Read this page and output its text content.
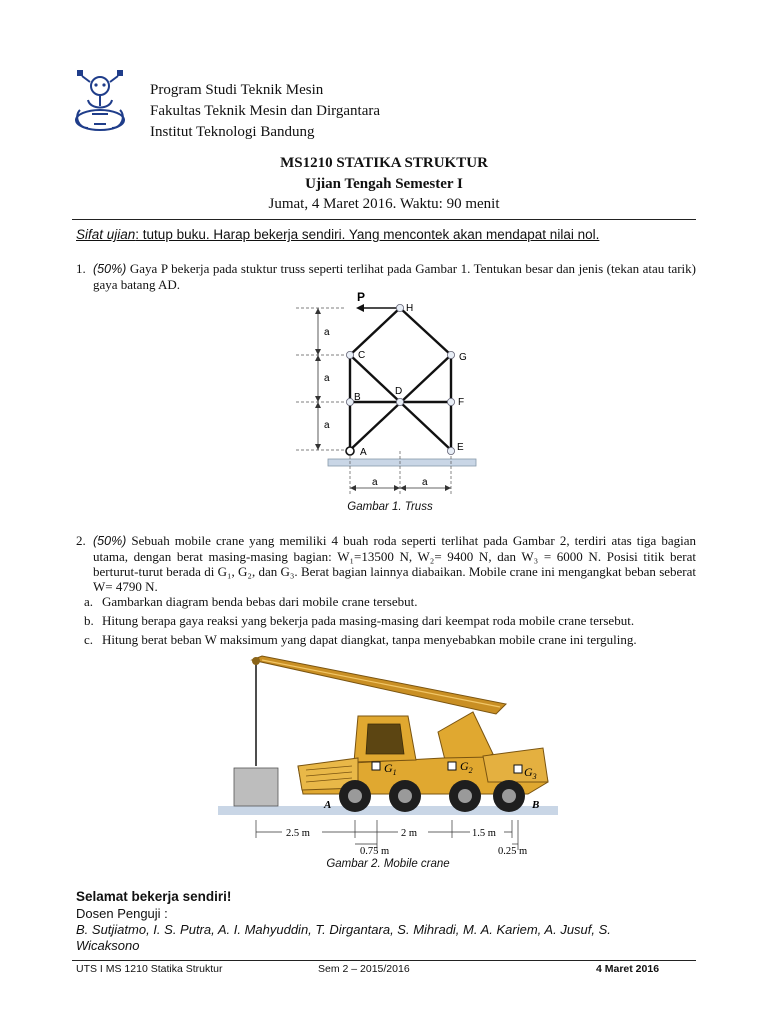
Program Studi Teknik Mesin
Fakultas Teknik Mesin dan Dirgantara
Institut Teknologi Bandung
MS1210 STATIKA STRUKTUR
Ujian Tengah Semester I
Jumat, 4 Maret 2016. Waktu: 90 menit
Sifat ujian: tutup buku. Harap bekerja sendiri. Yang mencontek akan mendapat nilai nol.
1. (50%) Gaya P bekerja pada stuktur truss seperti terlihat pada Gambar 1. Tentukan besar dan jenis (tekan atau tarik) gaya batang AD.
a
a
a
a	a
P
H
C	G
D
B	F
A	E
Gambar 1. Truss
2. (50%) Sebuah mobile crane yang memiliki 4 buah roda seperti terlihat pada Gambar 2, terdiri atas tiga bagian utama, dengan berat masing-masing bagian: W₁=13500 N, W₂= 9400 N, dan W₃ = 6000 N. Posisi titik berat berturut-turut berada di G₁, G₂, dan G₃. Berat bagian lainnya diabaikan. Mobile crane ini mengangkat beban seberat W= 4790 N.
a. Gambarkan diagram benda bebas dari mobile crane tersebut.
b. Hitung berapa gaya reaksi yang bekerja pada masing-masing dari keempat roda mobile crane tersebut.
c. Hitung berat beban W maksimum yang dapat diangkat, tanpa menyebabkan mobile crane ini terguling.
$G_1$	$G_2$	$G_3$
A	B
2.5 m	2 m	1.5 m
0.75 m	0.25 m
Gambar 2. Mobile crane
Selamat bekerja sendiri!
Dosen Penguji :
B. Sutjiatmo, I. S. Putra, A. I. Mahyuddin, T. Dirgantara, S. Mihradi, M. A. Kariem, A. Jusuf, S. Wicaksono
UTS I MS 1210 Statika Struktur	Sem 2 – 2015/2016	4 Maret 2016
